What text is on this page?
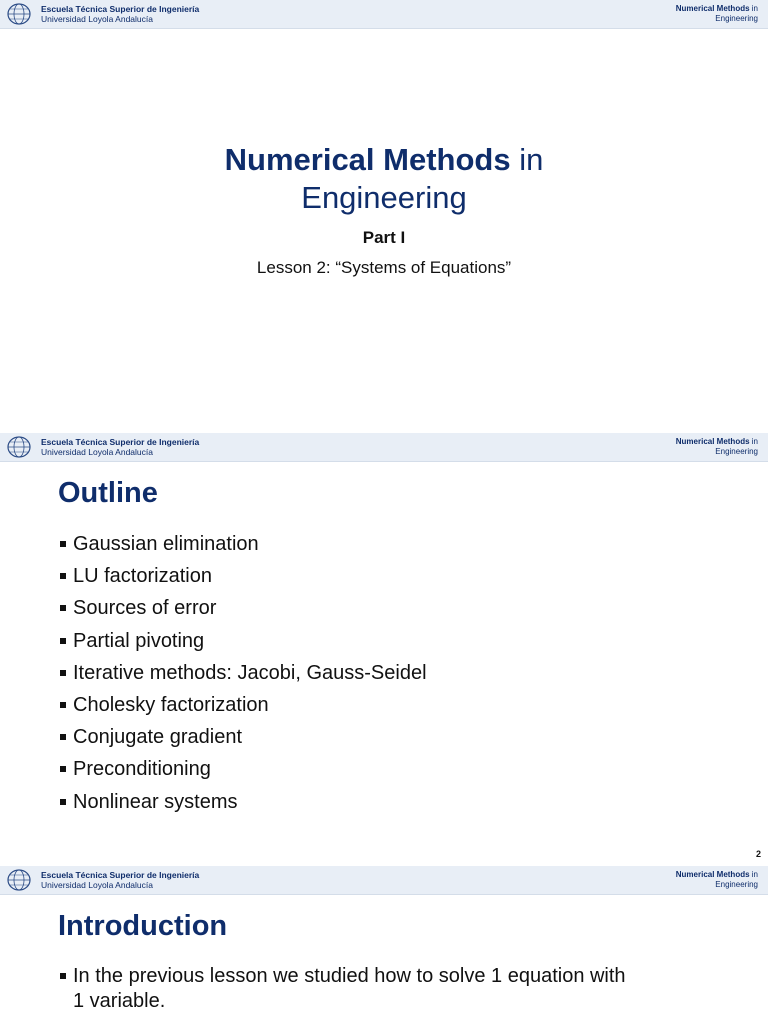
Escuela Técnica Superior de Ingeniería
Universidad Loyola Andalucía
Numerical Methods in
Engineering
Numerical Methods in
Engineering
Part I
Lesson 2: “Systems of Equations”
Escuela Técnica Superior de Ingeniería
Universidad Loyola Andalucía
Numerical Methods in
Engineering
Outline
Gaussian elimination
LU factorization
Sources of error
Partial pivoting
Iterative methods: Jacobi, Gauss-Seidel
Cholesky factorization
Conjugate gradient
Preconditioning
Nonlinear systems
2
Escuela Técnica Superior de Ingeniería
Universidad Loyola Andalucía
Numerical Methods in
Engineering
Introduction
In the previous lesson we studied how to solve 1 equation with
1 variable.
